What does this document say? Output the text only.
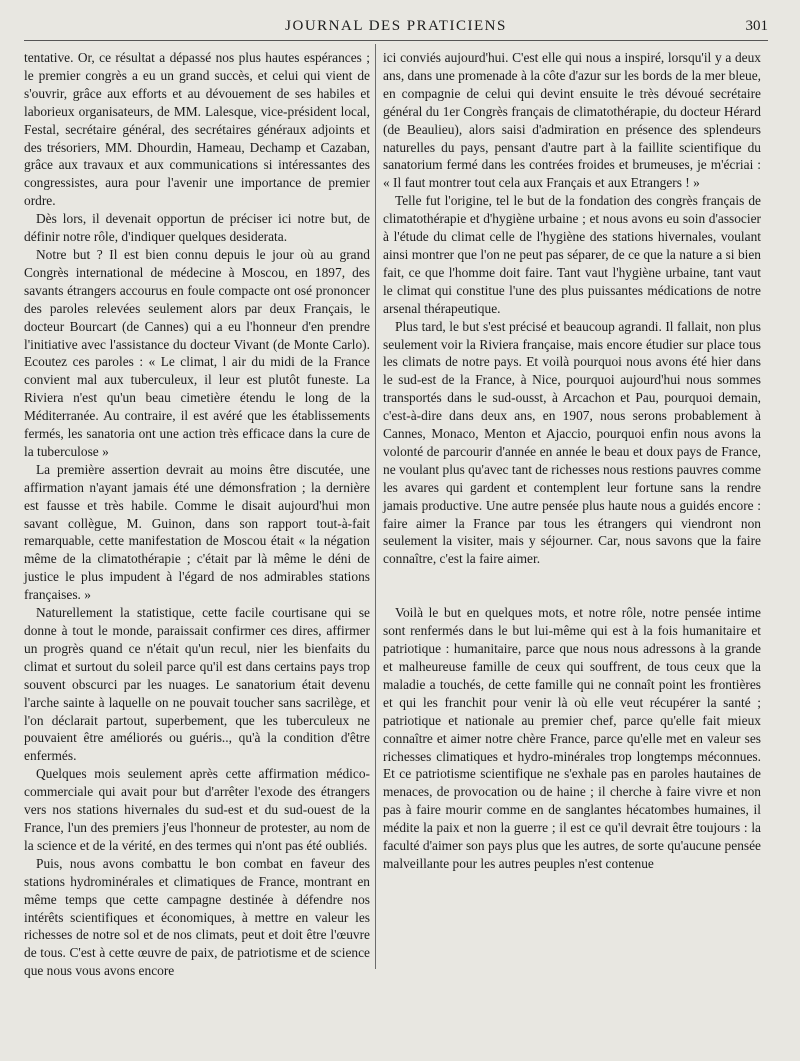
JOURNAL DES PRATICIENS	301

tentative. Or, ce résultat a dépassé nos plus hautes espérances ; le premier congrès a eu un grand succès, et celui qui vient de s'ouvrir, grâce aux efforts et au dévouement de ses habiles et laborieux organisateurs, de MM. Lalesque, vice-président local, Festal, secrétaire général, des secrétaires généraux adjoints et des trésoriers, MM. Dhourdin, Hameau, Dechamp et Cazaban, grâce aux travaux et aux communications si intéressantes des congressistes, aura pour l'avenir une importance de premier ordre.

Dès lors, il devenait opportun de préciser ici notre but, de définir notre rôle, d'indiquer quelques desiderata.

Notre but ? Il est bien connu depuis le jour où au grand Congrès international de médecine à Moscou, en 1897, des savants étrangers accourus en foule compacte ont osé prononcer des paroles relevées seulement alors par deux Français, le docteur Bourcart (de Cannes) qui a eu l'honneur d'en prendre l'initiative avec l'assistance du docteur Vivant (de Monte Carlo). Ecoutez ces paroles : « Le climat, l air du midi de la France convient mal aux tuberculeux, il leur est plutôt funeste. La Riviera n'est qu'un beau cimetière étendu le long de la Méditerranée. Au contraire, il est avéré que les établissements fermés, les sanatoria ont une action très efficace dans la cure de la tuberculose »

La première assertion devrait au moins être discutée, une affirmation n'ayant jamais été une démonsfration ; la dernière est fausse et très habile. Comme le disait aujourd'hui mon savant collègue, M. Guinon, dans son rapport tout-à-fait remarquable, cette manifestation de Moscou était « la négation même de la climatothérapie ; c'était par là même le déni de justice le plus impudent à l'égard de nos admirables stations françaises. »

Naturellement la statistique, cette facile courtisane qui se donne à tout le monde, paraissait confirmer ces dires, affirmer un progrès quand ce n'était qu'un recul, nier les bienfaits du climat et surtout du soleil parce qu'il est dans certains pays trop souvent obscurci par les nuages. Le sanatorium était devenu l'arche sainte à laquelle on ne pouvait toucher sans sacrilège, et l'on déclarait partout, superbement, que les tuberculeux ne pouvaient être améliorés ou guéris.., qu'à la condition d'être enfermés.

Quelques mois seulement après cette affirmation médico-commerciale qui avait pour but d'arrêter l'exode des étrangers vers nos stations hivernales du sud-est et du sud-ouest de la France, l'un des premiers j'eus l'honneur de protester, au nom de la science et de la vérité, en des termes qui n'ont pas été oubliés.

Puis, nous avons combattu le bon combat en faveur des stations hydrominérales et climatiques de France, montrant en même temps que cette campagne destinée à défendre nos intérêts scientifiques et économiques, à mettre en valeur les richesses de notre sol et de nos climats, peut et doit être l'œuvre de tous. C'est à cette œuvre de paix, de patriotisme et de science que nous vous avons encore

ici conviés aujourd'hui. C'est elle qui nous a inspiré, lorsqu'il y a deux ans, dans une promenade à la côte d'azur sur les bords de la mer bleue, en compagnie de celui qui devint ensuite le très dévoué secrétaire général du 1er Congrès français de climatothérapie, du docteur Hérard (de Beaulieu), alors saisi d'admiration en présence des splendeurs naturelles du pays, pensant d'autre part à la faillite scientifique du sanatorium fermé dans les contrées froides et brumeuses, je m'écriai : « Il faut montrer tout cela aux Français et aux Etrangers ! »

Telle fut l'origine, tel le but de la fondation des congrès français de climatothérapie et d'hygiène urbaine ; et nous avons eu soin d'associer à l'étude du climat celle de l'hygiène des stations hivernales, voulant ainsi montrer que l'on ne peut pas séparer, de ce que la nature a si bien fait, ce que l'homme doit faire. Tant vaut l'hygiène urbaine, tant vaut le climat qui constitue l'une des plus puissantes médications de notre arsenal thérapeutique.

Plus tard, le but s'est précisé et beaucoup agrandi. Il fallait, non plus seulement voir la Riviera française, mais encore étudier sur place tous les climats de notre pays. Et voilà pourquoi nous avons été hier dans le sud-est de la France, à Nice, pourquoi aujourd'hui nous sommes transportés dans le sud-ousst, à Arcachon et Pau, pourquoi demain, c'est-à-dire dans deux ans, en 1907, nous serons probablement à Cannes, Monaco, Menton et Ajaccio, pourquoi enfin nous avons la volonté de parcourir d'année en année le beau et doux pays de France, ne voulant plus qu'avec tant de richesses nous restions pauvres comme les avares qui gardent et contemplent leur fortune sans la rendre jamais productive. Une autre pensée plus haute nous a guidés encore : faire aimer la France par tous les étrangers qui viendront non seulement la visiter, mais y séjourner. Car, nous savons que la faire connaître, c'est la faire aimer.

Voilà le but en quelques mots, et notre rôle, notre pensée intime sont renfermés dans le but lui-même qui est à la fois humanitaire et patriotique : humanitaire, parce que nous nous adressons à la grande et malheureuse famille de ceux qui souffrent, de tous ceux que la maladie a touchés, de cette famille qui ne connaît point les frontières et qui les franchit pour venir là où elle veut récupérer la santé ; patriotique et nationale au premier chef, parce qu'elle fait mieux connaître et aimer notre chère France, parce qu'elle met en valeur ses richesses climatiques et hydro-minérales trop longtemps méconnues. Et ce patriotisme scientifique ne s'exhale pas en paroles hautaines de menaces, de provocation ou de haine ; il cherche à faire vivre et non pas à faire mourir comme en de sanglantes hécatombes humaines, il médite la paix et non la guerre ; il est ce qu'il devrait être toujours : la faculté d'aimer son pays plus que les autres, de sorte qu'aucune pensée malveillante pour les autres peuples n'est contenue
